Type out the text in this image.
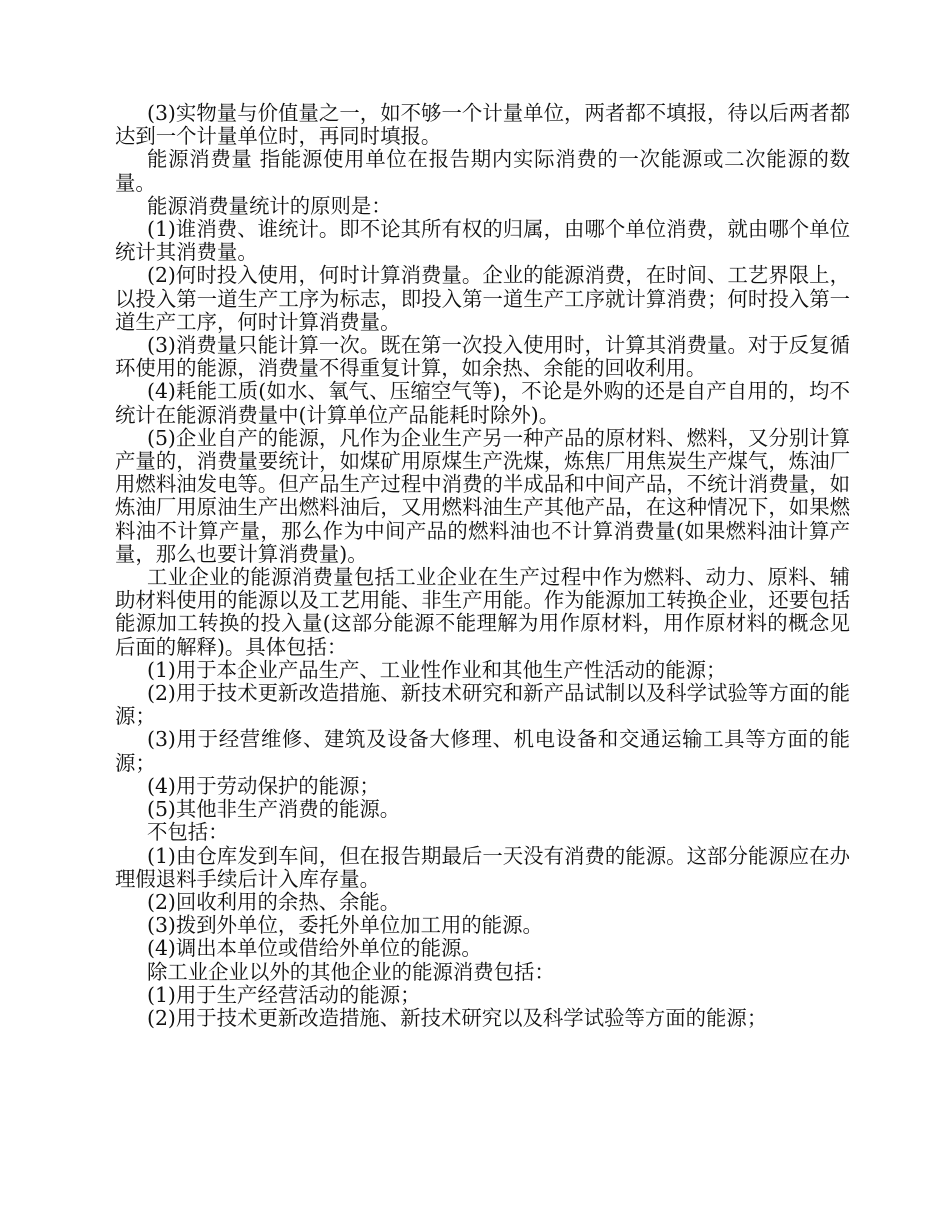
(3)实物量与价值量之一，如不够一个计量单位，两者都不填报，待以后两者都达到一个计量单位时，再同时填报。

能源消费量 指能源使用单位在报告期内实际消费的一次能源或二次能源的数量。

能源消费量统计的原则是：

(1)谁消费、谁统计。即不论其所有权的归属，由哪个单位消费，就由哪个单位统计其消费量。

(2)何时投入使用，何时计算消费量。企业的能源消费，在时间、工艺界限上，以投入第一道生产工序为标志，即投入第一道生产工序就计算消费；何时投入第一道生产工序，何时计算消费量。

(3)消费量只能计算一次。既在第一次投入使用时，计算其消费量。对于反复循环使用的能源，消费量不得重复计算，如余热、余能的回收利用。

(4)耗能工质(如水、氧气、压缩空气等)，不论是外购的还是自产自用的，均不统计在能源消费量中(计算单位产品能耗时除外)。

(5)企业自产的能源，凡作为企业生产另一种产品的原材料、燃料，又分别计算产量的，消费量要统计，如煤矿用原煤生产洗煤，炼焦厂用焦炭生产煤气，炼油厂用燃料油发电等。但产品生产过程中消费的半成品和中间产品，不统计消费量，如炼油厂用原油生产出燃料油后，又用燃料油生产其他产品，在这种情况下，如果燃料油不计算产量，那么作为中间产品的燃料油也不计算消费量(如果燃料油计算产量，那么也要计算消费量)。

工业企业的能源消费量包括工业企业在生产过程中作为燃料、动力、原料、辅助材料使用的能源以及工艺用能、非生产用能。作为能源加工转换企业，还要包括能源加工转换的投入量(这部分能源不能理解为用作原材料，用作原材料的概念见后面的解释)。具体包括：

(1)用于本企业产品生产、工业性作业和其他生产性活动的能源；

(2)用于技术更新改造措施、新技术研究和新产品试制以及科学试验等方面的能源；

(3)用于经营维修、建筑及设备大修理、机电设备和交通运输工具等方面的能源；

(4)用于劳动保护的能源；

(5)其他非生产消费的能源。

不包括：

(1)由仓库发到车间，但在报告期最后一天没有消费的能源。这部分能源应在办理假退料手续后计入库存量。

(2)回收利用的余热、余能。

(3)拨到外单位，委托外单位加工用的能源。

(4)调出本单位或借给外单位的能源。

除工业企业以外的其他企业的能源消费包括：

(1)用于生产经营活动的能源；

(2)用于技术更新改造措施、新技术研究以及科学试验等方面的能源；
